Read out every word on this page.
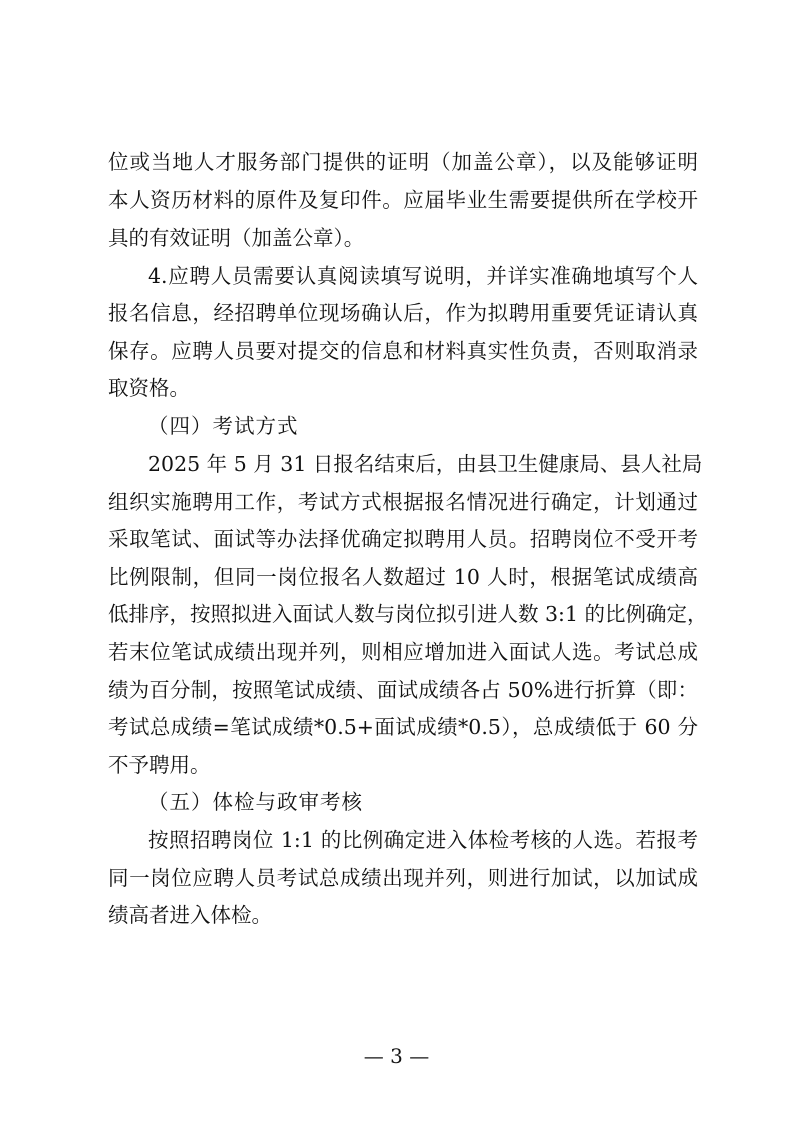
位或当地人才服务部门提供的证明（加盖公章），以及能够证明
本人资历材料的原件及复印件。应届毕业生需要提供所在学校开
具的有效证明（加盖公章）。
4.应聘人员需要认真阅读填写说明，并详实准确地填写个人
报名信息，经招聘单位现场确认后，作为拟聘用重要凭证请认真
保存。应聘人员要对提交的信息和材料真实性负责，否则取消录
取资格。
（四）考试方式
2025 年 5 月 31 日报名结束后，由县卫生健康局、县人社局
组织实施聘用工作，考试方式根据报名情况进行确定，计划通过
采取笔试、面试等办法择优确定拟聘用人员。招聘岗位不受开考
比例限制，但同一岗位报名人数超过 10 人时，根据笔试成绩高
低排序，按照拟进入面试人数与岗位拟引进人数 3:1 的比例确定，
若末位笔试成绩出现并列，则相应增加进入面试人选。考试总成
绩为百分制，按照笔试成绩、面试成绩各占 50%进行折算（即：
考试总成绩=笔试成绩*0.5+面试成绩*0.5），总成绩低于 60 分
不予聘用。
（五）体检与政审考核
按照招聘岗位 1:1 的比例确定进入体检考核的人选。若报考
同一岗位应聘人员考试总成绩出现并列，则进行加试，以加试成
绩高者进入体检。
— 3 —
